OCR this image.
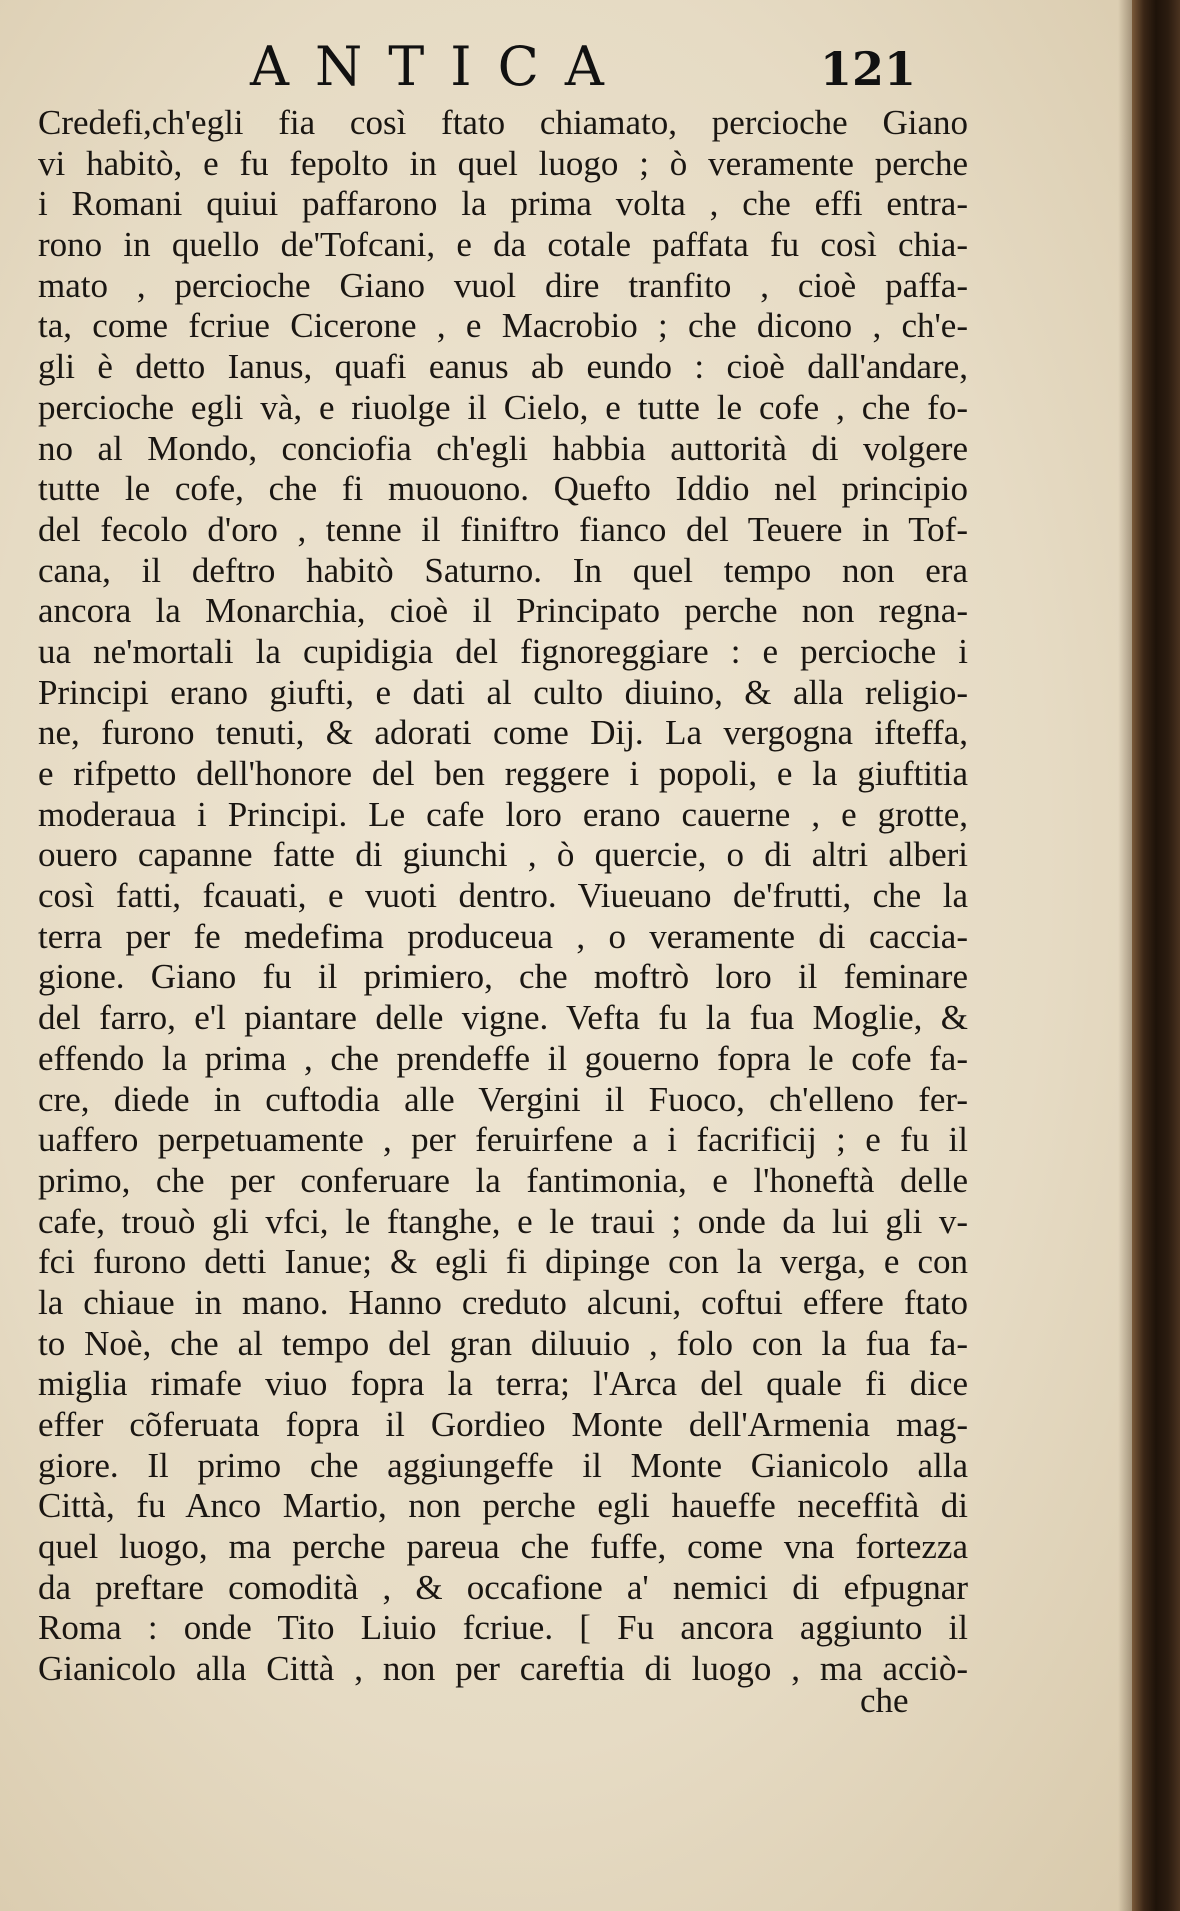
ANTICA	121
Credefi,ch'egli fia così ftato chiamato, percioche Giano
vi habitò, e fu fepolto in quel luogo ; ò veramente perche
i Romani quiui paffarono la prima volta , che effi entra-
rono in quello de'Tofcani, e da cotale paffata fu così chia-
mato , percioche Giano vuol dire tranfito , cioè paffa-
ta, come fcriue Cicerone , e Macrobio ; che dicono , ch'e-
gli è detto Ianus, quafi eanus ab eundo : cioè dall'andare,
percioche egli và, e riuolge il Cielo, e tutte le cofe , che fo-
no al Mondo, conciofia ch'egli habbia auttorità di volgere
tutte le cofe, che fi muouono. Quefto Iddio nel principio
del fecolo d'oro , tenne il finiftro fianco del Teuere in Tof-
cana, il deftro habitò Saturno. In quel tempo non era
ancora la Monarchia, cioè il Principato perche non regna-
ua ne'mortali la cupidigia del fignoreggiare : e percioche i
Principi erano giufti, e dati al culto diuino, & alla religio-
ne, furono tenuti, & adorati come Dij. La vergogna ifteffa,
e rifpetto dell'honore del ben reggere i popoli, e la giuftitia
moderaua i Principi. Le cafe loro erano cauerne , e grotte,
ouero capanne fatte di giunchi , ò quercie, o di altri alberi
così fatti, fcauati, e vuoti dentro. Viueuano de'frutti, che la
terra per fe medefima produceua , o veramente di caccia-
gione. Giano fu il primiero, che moftrò loro il feminare
del farro, e'l piantare delle vigne. Vefta fu la fua Moglie, &
effendo la prima , che prendeffe il gouerno fopra le cofe fa-
cre, diede in cuftodia alle Vergini il Fuoco, ch'elleno fer-
uaffero perpetuamente , per feruirfene a i facrificij ; e fu il
primo, che per conferuare la fantimonia, e l'honeftà delle
cafe, trouò gli vfci, le ftanghe, e le traui ; onde da lui gli v-
fci furono detti Ianue; & egli fi dipinge con la verga, e con
la chiaue in mano. Hanno creduto alcuni, coftui effere ftato
to Noè, che al tempo del gran diluuio , folo con la fua fa-
miglia rimafe viuo fopra la terra; l'Arca del quale fi dice
effer cõferuata fopra il Gordieo Monte dell'Armenia mag-
giore. Il primo che aggiungeffe il Monte Gianicolo alla
Città, fu Anco Martio, non perche egli haueffe neceffità di
quel luogo, ma perche pareua che fuffe, come vna fortezza
da preftare comodità , & occafione a' nemici di efpugnar
Roma : onde Tito Liuio fcriue. [ Fu ancora aggiunto il
Gianicolo alla Città , non per careftia di luogo , ma acciò-
che
